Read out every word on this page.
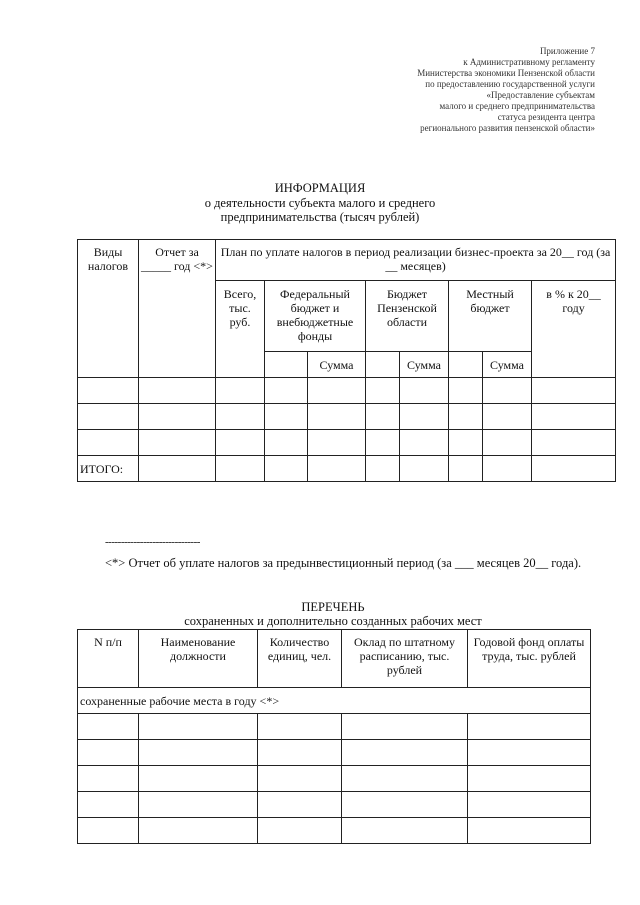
Приложение 7
к Административному регламенту
Министерства экономики Пензенской области
по предоставлению государственной услуги
«Предоставление субъектам
малого и среднего предпринимательства
статуса резидента центра
регионального развития пензенской области»
ИНФОРМАЦИЯ
о деятельности субъекта малого и среднего
предпринимательства (тысяч рублей)
Виды налогов	Отчет за _____ год <*>	План по уплате налогов в период реализации бизнес-проекта за 20__ год (за __ месяцев)							
		Всего, тыс. руб.	Федеральный бюджет и внебюджетные фонды		Бюджет Пензенской области		Местный бюджет		в % к 20__ году
				Сумма		Сумма		Сумма	

ИТОГО:									
------------------------------
<*> Отчет об уплате налогов за предынвестиционный период (за ___ месяцев 20__ года).
ПЕРЕЧЕНЬ
сохраненных и дополнительно созданных рабочих мест
N п/п	Наименование должности	Количество единиц, чел.	Оклад по штатному расписанию, тыс. рублей	Годовой фонд оплаты труда, тыс. рублей
сохраненные рабочие места в году <*>				
